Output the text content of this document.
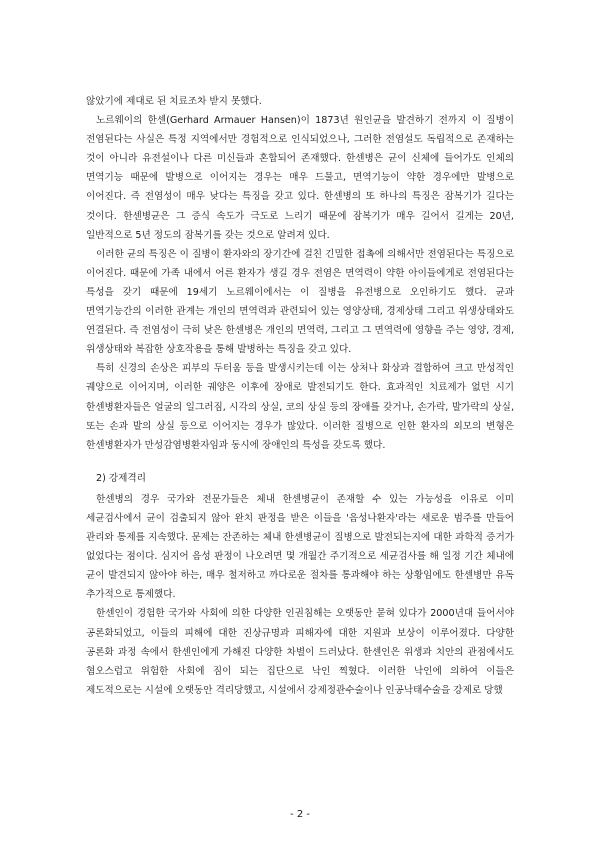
않았기에 제대로 된 치료조차 받지 못했다.

노르웨이의 한센(Gerhard Armauer Hansen)이 1873년 원인균을 발견하기 전까지 이 질병이 전염된다는 사실은 특정 지역에서만 경험적으로 인식되었으나, 그러한 전염설도 독립적으로 존재하는 것이 아니라 유전설이나 다른 미신들과 혼합되어 존재했다. 한센병은 균이 신체에 들어가도 인체의 면역기능 때문에 발병으로 이어지는 경우는 매우 드물고, 면역기능이 약한 경우에만 발병으로 이어진다. 즉 전염성이 매우 낮다는 특징을 갖고 있다. 한센병의 또 하나의 특징은 잠복기가 길다는 것이다. 한센병균은 그 증식 속도가 극도로 느리기 때문에 잠복기가 매우 길어서 길게는 20년, 일반적으로 5년 정도의 잠복기를 갖는 것으로 알려져 있다.

이러한 균의 특징은 이 질병이 환자와의 장기간에 걸친 긴밀한 접촉에 의해서만 전염된다는 특징으로 이어진다. 때문에 가족 내에서 어른 환자가 생길 경우 전염은 면역력이 약한 아이들에게로 전염된다는 특성을 갖기 때문에 19세기 노르웨이에서는 이 질병을 유전병으로 오인하기도 했다. 균과 면역기능간의 이러한 관계는 개인의 면역력과 관련되어 있는 영양상태, 경제상태 그리고 위생상태와도 연결된다. 즉 전염성이 극히 낮은 한센병은 개인의 면역력, 그리고 그 면역력에 영향을 주는 영양, 경제, 위생상태와 복잡한 상호작용을 통해 발병하는 특징을 갖고 있다.

특히 신경의 손상은 피부의 두터움 등을 발생시키는데 이는 상처나 화상과 결합하여 크고 만성적인 궤양으로 이어지며, 이러한 궤양은 이후에 장애로 발전되기도 한다. 효과적인 치료제가 없던 시기 한센병환자들은 얼굴의 일그러짐, 시각의 상실, 코의 상실 등의 장애를 갖거나, 손가락, 발가락의 상실, 또는 손과 발의 상실 등으로 이어지는 경우가 많았다. 이러한 질병으로 인한 환자의 외모의 변형은 한센병환자가 만성감염병환자임과 동시에 장애인의 특성을 갖도록 했다.

2) 강제격리

한센병의 경우 국가와 전문가들은 체내 한센병균이 존재할 수 있는 가능성을 이유로 이미 세균검사에서 균이 검출되지 않아 완치 판정을 받은 이들을 '음성나환자'라는 새로운 범주를 만들어 관리와 통제를 지속했다. 문제는 잔존하는 체내 한센병균이 질병으로 발전되는지에 대한 과학적 증거가 없었다는 점이다. 심지어 음성 판정이 나오려면 몇 개월간 주기적으로 세균검사를 해 일정 기간 체내에 균이 발견되지 않아야 하는, 매우 철저하고 까다로운 절차를 통과해야 하는 상황임에도 한센병만 유독 추가적으로 통제했다.

한센인이 경험한 국가와 사회에 의한 다양한 인권침해는 오랫동안 묻혀 있다가 2000년대 들어서야 공론화되었고, 이들의 피해에 대한 진상규명과 피해자에 대한 지원과 보상이 이루어졌다. 다양한 공론화 과정 속에서 한센인에게 가해진 다양한 차별이 드러났다. 한센인은 위생과 치안의 관점에서도 혐오스럽고 위험한 사회에 짐이 되는 집단으로 낙인 찍혔다. 이러한 낙인에 의하여 이들은 제도적으로는 시설에 오랫동안 격리당했고, 시설에서 강제정관수술이나 인공낙태수술을 강제로 당했

- 2 -
